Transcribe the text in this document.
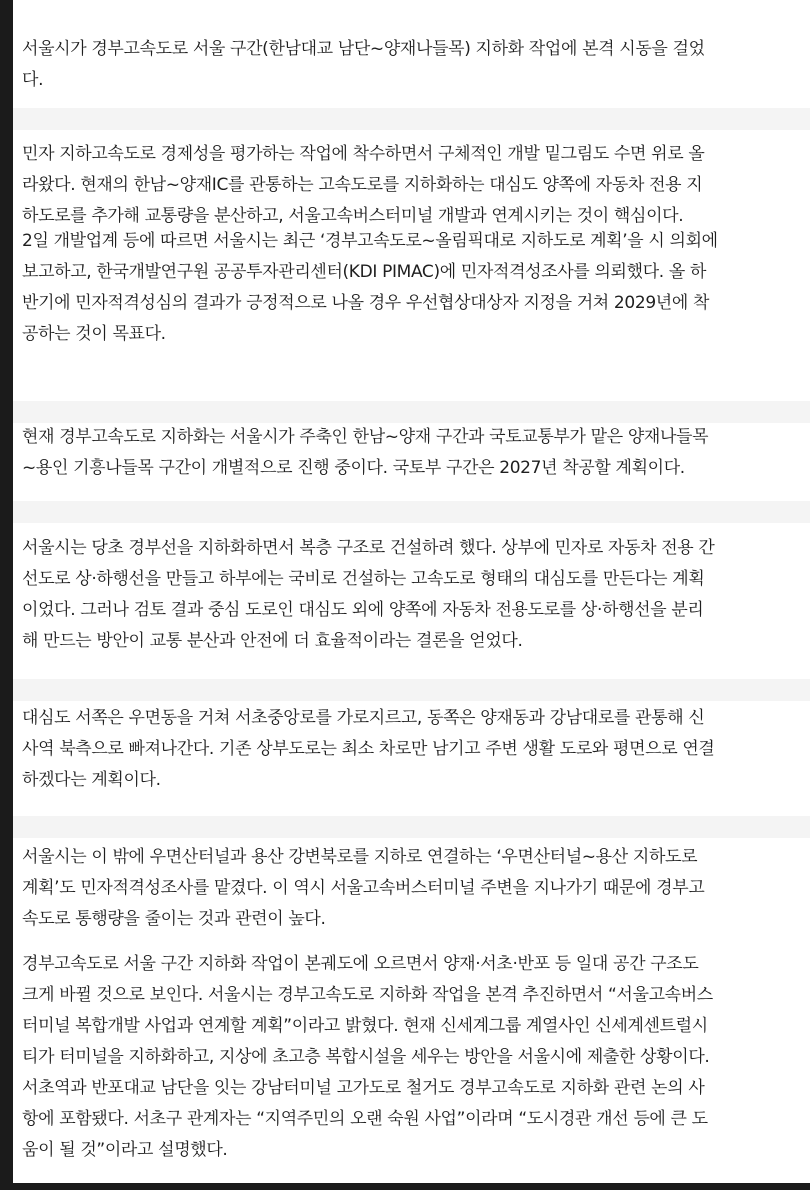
서울시가 경부고속도로 서울 구간(한남대교 남단~양재나들목) 지하화 작업에 본격 시동을 걸었
다.

민자 지하고속도로 경제성을 평가하는 작업에 착수하면서 구체적인 개발 밑그림도 수면 위로 올
라왔다. 현재의 한남~양재IC를 관통하는 고속도로를 지하화하는 대심도 양쪽에 자동차 전용 지
하도로를 추가해 교통량을 분산하고, 서울고속버스터미널 개발과 연계시키는 것이 핵심이다.

2일 개발업계 등에 따르면 서울시는 최근 ‘경부고속도로~올림픽대로 지하도로 계획’을 시 의회에
보고하고, 한국개발연구원 공공투자관리센터(KDI PIMAC)에 민자적격성조사를 의뢰했다. 올 하
반기에 민자적격성심의 결과가 긍정적으로 나올 경우 우선협상대상자 지정을 거쳐 2029년에 착
공하는 것이 목표다.

현재 경부고속도로 지하화는 서울시가 주축인 한남~양재 구간과 국토교통부가 맡은 양재나들목
~용인 기흥나들목 구간이 개별적으로 진행 중이다. 국토부 구간은 2027년 착공할 계획이다.

서울시는 당초 경부선을 지하화하면서 복층 구조로 건설하려 했다. 상부에 민자로 자동차 전용 간
선도로 상·하행선을 만들고 하부에는 국비로 건설하는 고속도로 형태의 대심도를 만든다는 계획
이었다. 그러나 검토 결과 중심 도로인 대심도 외에 양쪽에 자동차 전용도로를 상·하행선을 분리
해 만드는 방안이 교통 분산과 안전에 더 효율적이라는 결론을 얻었다.

대심도 서쪽은 우면동을 거쳐 서초중앙로를 가로지르고, 동쪽은 양재동과 강남대로를 관통해 신
사역 북측으로 빠져나간다. 기존 상부도로는 최소 차로만 남기고 주변 생활 도로와 평면으로 연결
하겠다는 계획이다.

서울시는 이 밖에 우면산터널과 용산 강변북로를 지하로 연결하는 ‘우면산터널~용산 지하도로
계획’도 민자적격성조사를 맡겼다. 이 역시 서울고속버스터미널 주변을 지나가기 때문에 경부고
속도로 통행량을 줄이는 것과 관련이 높다.

경부고속도로 서울 구간 지하화 작업이 본궤도에 오르면서 양재·서초·반포 등 일대 공간 구조도
크게 바뀔 것으로 보인다. 서울시는 경부고속도로 지하화 작업을 본격 추진하면서 “서울고속버스
터미널 복합개발 사업과 연계할 계획”이라고 밝혔다. 현재 신세계그룹 계열사인 신세계센트럴시
티가 터미널을 지하화하고, 지상에 초고층 복합시설을 세우는 방안을 서울시에 제출한 상황이다.
서초역과 반포대교 남단을 잇는 강남터미널 고가도로 철거도 경부고속도로 지하화 관련 논의 사
항에 포함됐다. 서초구 관계자는 “지역주민의 오랜 숙원 사업”이라며 “도시경관 개선 등에 큰 도
움이 될 것”이라고 설명했다.
